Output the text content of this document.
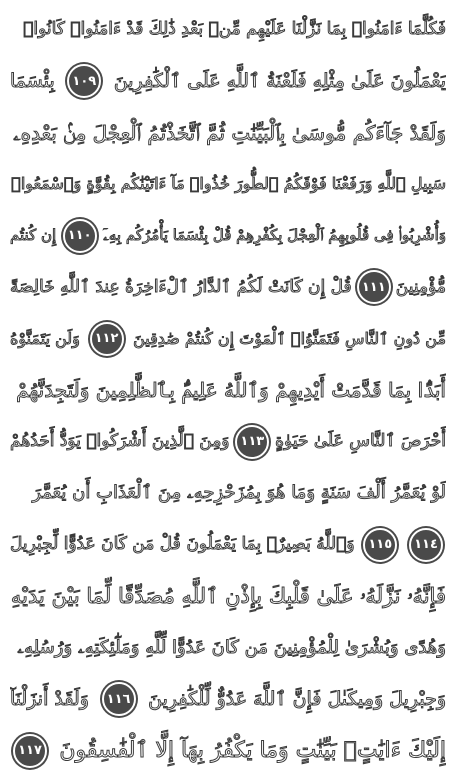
فَكُلَّمَا ءَامَنُوا۟ بِمَا نَزَّلْنَا عَلَيْهِم مِّنۢ بَعْدِ ذَٰلِكَ قَدْ ءَامَنُوا۟ كَانُوا۟
يَعْمَلُونَ عَلَىٰ مِثْلِهِ فَلَعْنَةُ ٱللَّهِ عَلَى ٱلْكَٰفِرِينَ
١٠٩
بِئْسَمَا
وَلَقَدْ جَآءَكُم مُّوسَىٰ بِٱلْبَيِّنَٰتِ ثُمَّ ٱتَّخَذْتُمُ ٱلْعِجْلَ مِنۢ بَعْدِهِۦ
سَبِيلِ ٱللَّهِ وَرَفَعْنَا فَوْقَكُمُ ٱلطُّورَ خُذُوا۟ مَآ ءَاتَيْنَٰكُم بِقُوَّةٍ وَٱسْمَعُوا۟
وَأُشْرِبُوا۟ فِى قُلُوبِهِمُ ٱلْعِجْلَ بِكُفْرِهِمْ قُلْ بِئْسَمَا يَأْمُرُكُم بِهِۦٓ
١١٠
إِن كُنتُم
مُّؤْمِنِينَ
١١١
قُلْ إِن كَانَتْ لَكُمُ ٱلدَّارُ ٱلْءَاخِرَةُ عِندَ ٱللَّهِ خَالِصَةً
مِّن دُونِ ٱلنَّاسِ فَتَمَنَّوُا۟ ٱلْمَوْتَ إِن كُنتُمْ صَٰدِقِينَ
١١٢
وَلَن يَتَمَنَّوْهُ
أَبَدًۢا بِمَا قَدَّمَتْ أَيْدِيهِمْ وَٱللَّهُ عَلِيمٌۢ بِٱلظَّٰلِمِينَ وَلَتَجِدَنَّهُمْ
أَحْرَصَ ٱلنَّاسِ عَلَىٰ حَيَوٰةٍ
١١٣
وَمِنَ ٱلَّذِينَ أَشْرَكُوا۟ يَوَدُّ أَحَدُهُمْ
لَوْ يُعَمَّرُ أَلْفَ سَنَةٍ وَمَا هُوَ بِمُزَحْزِحِهِۦ مِنَ ٱلْعَذَابِ أَن يُعَمَّرَ
١١٤
١١٥
وَٱللَّهُ بَصِيرٌۢ بِمَا يَعْمَلُونَ
قُلْ مَن كَانَ عَدُوًّا لِّجِبْرِيلَ
فَإِنَّهُۥ نَزَّلَهُۥ عَلَىٰ قَلْبِكَ بِإِذْنِ ٱللَّهِ مُصَدِّقًا لِّمَا بَيْنَ يَدَيْهِ
وَهُدًى وَبُشْرَىٰ لِلْمُؤْمِنِينَ مَن كَانَ عَدُوًّا لِّلَّهِ وَمَلَٰٓئِكَتِهِۦ وَرُسُلِهِۦ
وَجِبْرِيلَ وَمِيكَىٰلَ فَإِنَّ ٱللَّهَ عَدُوٌّ لِّلْكَٰفِرِينَ
١١٦
وَلَقَدْ أَنزَلْنَآ
إِلَيْكَ ءَايَٰتٍۭ بَيِّنَٰتٍ وَمَا يَكْفُرُ بِهَآ إِلَّا ٱلْفَٰسِقُونَ
١١٧
